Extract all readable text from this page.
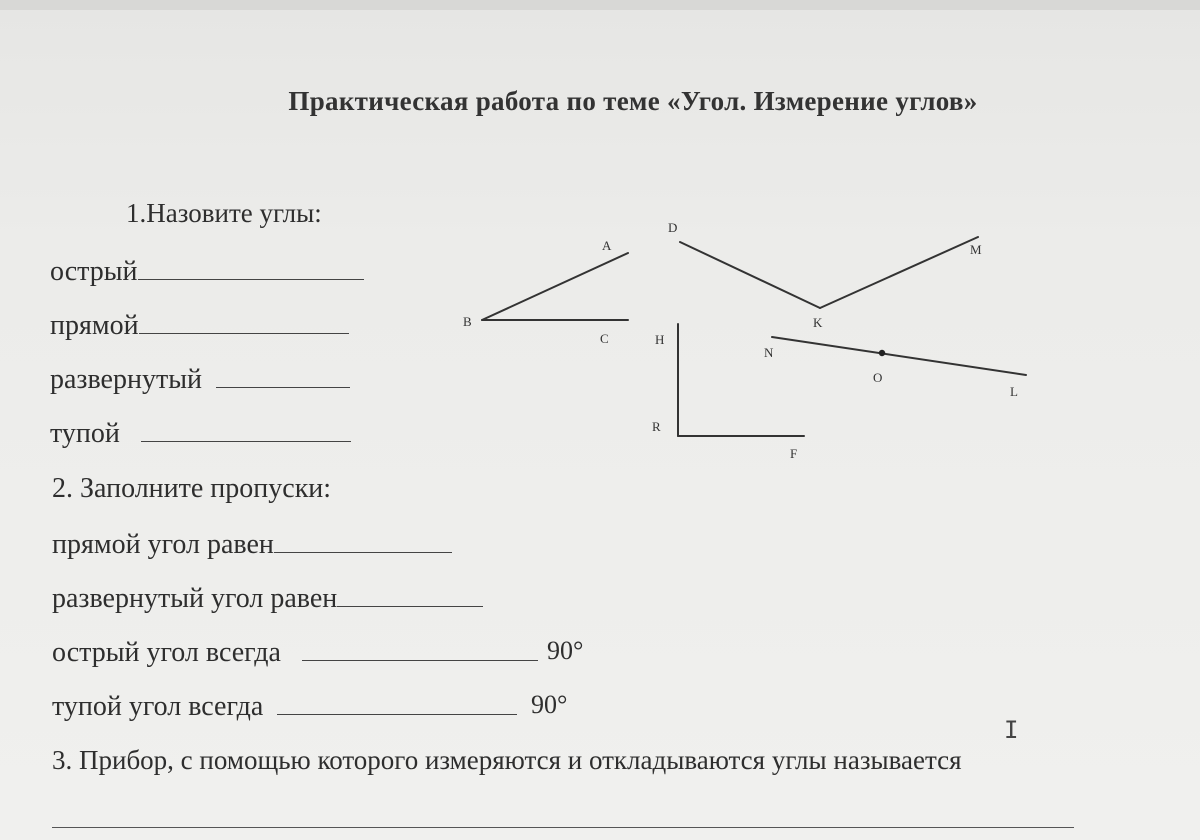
Практическая работа по теме «Угол. Измерение углов»
1.Назовите углы:
острый
прямой
развернутый
тупой
2. Заполните пропуски:
прямой угол равен
развернутый угол равен
острый угол всегда	90°
тупой угол всегда	90°
3. Прибор, с помощью которого измеряются и откладываются углы называется
I
A
B
C
D
K
M
H
R
F
N
O
L
